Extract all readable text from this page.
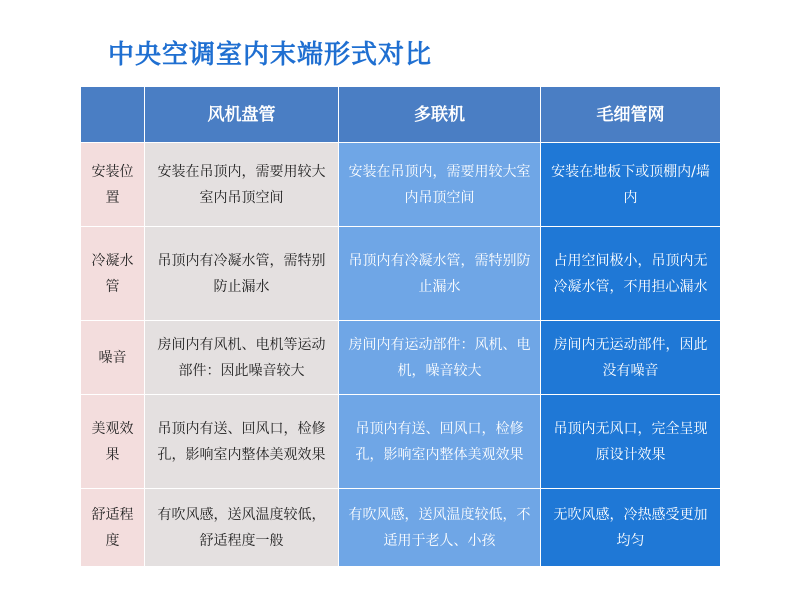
中央空调室内末端形式对比
	风机盘管	多联机	毛细管网
安装位置	安装在吊顶内，需要用较大室内吊顶空间	安装在吊顶内，需要用较大室内吊顶空间	安装在地板下或顶棚内/墙内
冷凝水管	吊顶内有冷凝水管，需特别防止漏水	吊顶内有冷凝水管，需特别防止漏水	占用空间极小，吊顶内无冷凝水管，不用担心漏水
噪音	房间内有风机、电机等运动部件：因此噪音较大	房间内有运动部件：风机、电机，噪音较大	房间内无运动部件，因此没有噪音
美观效果	吊顶内有送、回风口，检修孔，影响室内整体美观效果	吊顶内有送、回风口，检修孔，影响室内整体美观效果	吊顶内无风口，完全呈现原设计效果
舒适程度	有吹风感，送风温度较低，舒适程度一般	有吹风感，送风温度较低，不适用于老人、小孩	无吹风感，冷热感受更加均匀
